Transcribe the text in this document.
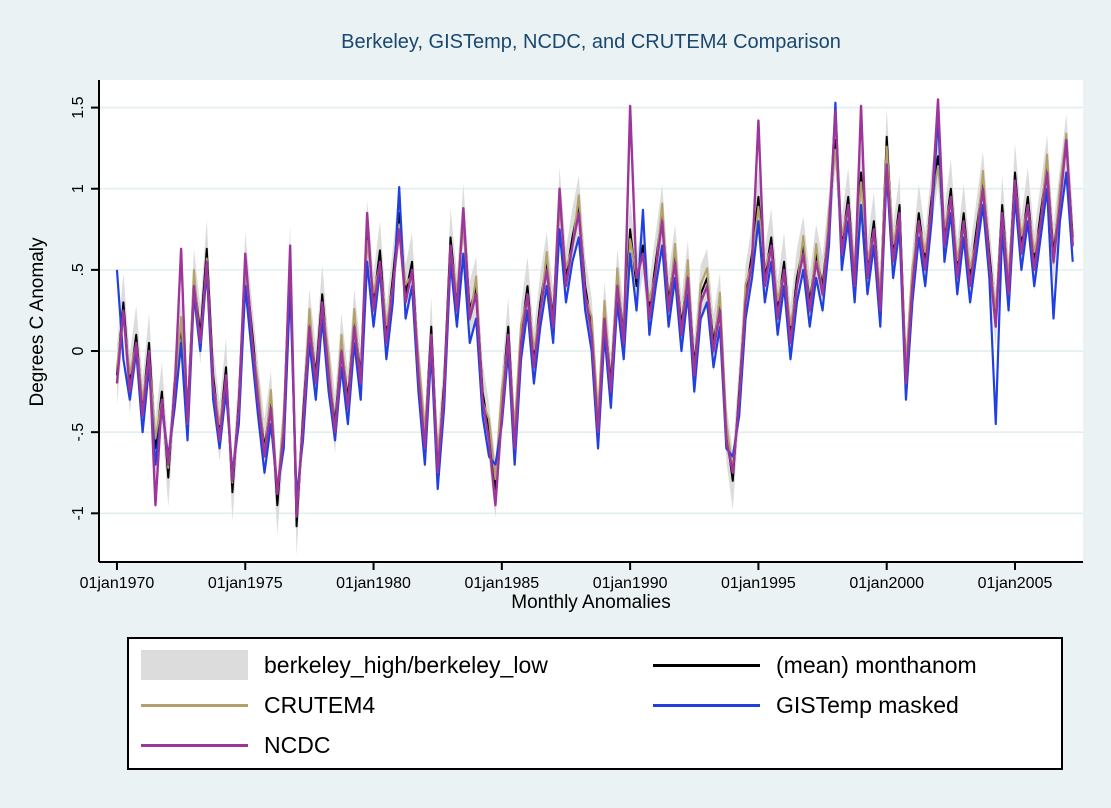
Berkeley, GISTemp, NCDC, and CRUTEM4 Comparison
-1
-.5
0
.5
1
1.5
01jan1970	01jan1975	01jan1980	01jan1985	01jan1990	01jan1995	01jan2000	01jan2005
Degrees C Anomaly
Monthly Anomalies
berkeley_high/berkeley_low
CRUTEM4
NCDC
(mean) monthanom
GISTemp masked
